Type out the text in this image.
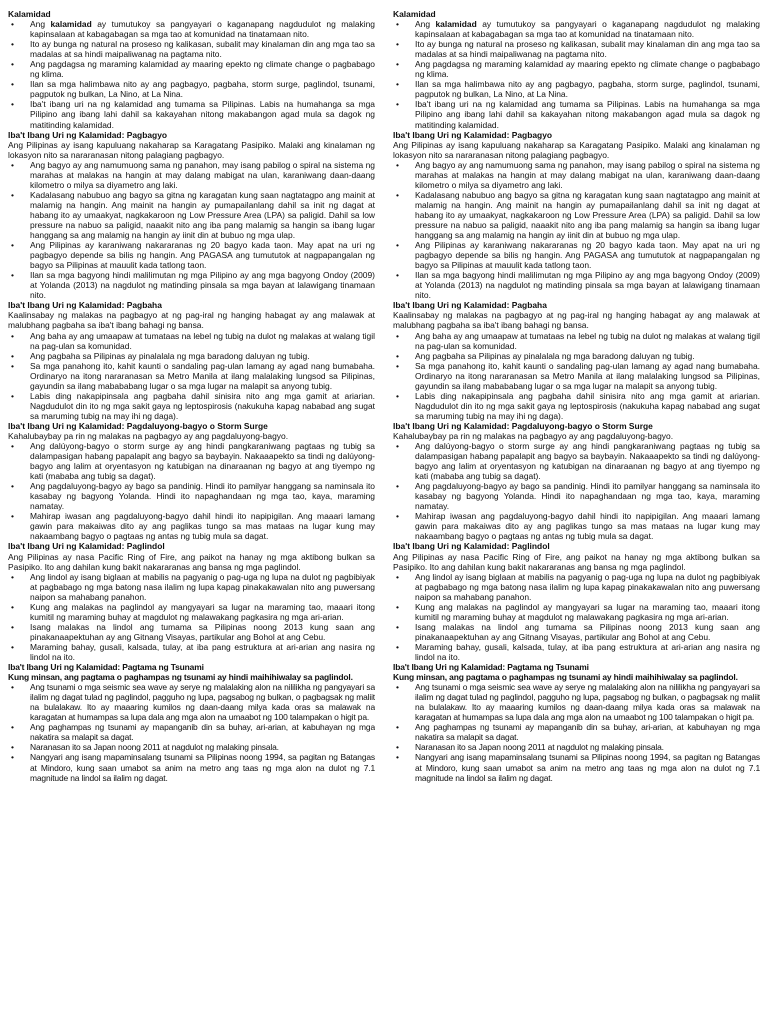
Kalamidad
• Ang kalamidad ay tumutukoy sa pangyayari o kaganapang nagdudulot ng malaking kapinsalaan at kabagabagan sa mga tao at komunidad na tinatamaan nito.
• Ito ay bunga ng natural na proseso ng kalikasan, subalit may kinalaman din ang mga tao sa madalas at sa hindi maipaliwanag na pagtama nito.
• Ang pagdagsa ng maraming kalamidad ay maaring epekto ng climate change o pagbabago ng klima.
• Ilan sa mga halimbawa nito ay ang pagbagyo, pagbaha, storm surge, paglindol, tsunami, pagputok ng bulkan, La Nino, at La Nina.
• Iba't ibang uri na ng kalamidad ang tumama sa Pilipinas. Labis na humahanga sa mga Pilipino ang ibang lahi dahil sa kakayahan nitong makabangon agad mula sa dagok ng matitinding kalamidad.
Iba't Ibang Uri ng Kalamidad: Pagbagyo
Ang Pilipinas ay isang kapuluang nakaharap sa Karagatang Pasipiko. Malaki ang kinalaman ng lokasyon nito sa nararanasan nitong palagiang pagbagyo.
• Ang bagyo ay ang namumuong sama ng panahon, may isang pabilog o spiral na sistema ng marahas at malakas na hangin at may dalang mabigat na ulan, karaniwang daan-daang kilometro o milya sa diyametro ang laki.
• Kadalasang nabubuo ang bagyo sa gitna ng karagatan kung saan nagtatagpo ang mainit at malamig na hangin. Ang mainit na hangin ay pumapailanlang dahil sa init ng dagat at habang ito ay umaakyat, nagkakaroon ng Low Pressure Area (LPA) sa paligid. Dahil sa low pressure na nabuo sa paligid, naaakit nito ang iba pang malamig sa hangin sa ibang lugar hanggang sa ang malamig na hangin ay iinit din at bubuo ng mga ulap.
• Ang Pilipinas ay karaniwang nakararanas ng 20 bagyo kada taon. May apat na uri ng pagbagyo depende sa bilis ng hangin. Ang PAGASA ang tumututok at nagpapangalan ng bagyo sa Pilipinas at mauulit kada tatlong taon.
• Ilan sa mga bagyong hindi malilimutan ng mga Pilipino ay ang mga bagyong Ondoy (2009) at Yolanda (2013) na nagdulot ng matinding pinsala sa mga bayan at lalawigang tinamaan nito.
Iba't Ibang Uri ng Kalamidad: Pagbaha
Kaalinsabay ng malakas na pagbagyo at ng pag-iral ng hanging habagat ay ang malawak at malubhang pagbaha sa iba't ibang bahagi ng bansa.
• Ang baha ay ang umaapaw at tumataas na lebel ng tubig na dulot ng malakas at walang tigil na pag-ulan sa komunidad.
• Ang pagbaha sa Pilipinas ay pinalalala ng mga baradong daluyan ng tubig.
• Sa mga panahong ito, kahit kaunti o sandaling pag-ulan lamang ay agad nang bumabaha. Ordinaryo na itong nararanasan sa Metro Manila at ilang malalaking lungsod sa Pilipinas, gayundin sa ilang mabababang lugar o sa mga lugar na malapit sa anyong tubig.
• Labis ding nakapipinsala ang pagbaha dahil sinisira nito ang mga gamit at ariarian. Nagdudulot din ito ng mga sakit gaya ng leptospirosis (nakukuha kapag nababad ang sugat sa maruming tubig na may ihi ng daga).
Iba't Ibang Uri ng Kalamidad: Pagdaluyong-bagyo o Storm Surge
Kahalubaybay pa rin ng malakas na pagbagyo ay ang pagdaluyong-bagyo.
• Ang dalúyong-bagyo o storm surge ay ang hindi pangkaraniwang pagtaas ng tubig sa dalampasigan habang papalapit ang bagyo sa baybayin. Nakaaapekto sa tindi ng dalúyong-bagyo ang lalim at oryentasyon ng katubigan na dinaraanan ng bagyo at ang tiyempo ng kati (mababa ang tubig sa dagat).
• Ang pagdaluyong-bagyo ay bago sa pandinig. Hindi ito pamilyar hanggang sa naminsala ito kasabay ng bagyong Yolanda. Hindi ito napaghandaan ng mga tao, kaya, maraming namatay.
• Mahirap iwasan ang pagdaluyong-bagyo dahil hindi ito napipigilan. Ang maaari lamang gawin para makaiwas dito ay ang paglikas tungo sa mas mataas na lugar kung may nakaambang bagyo o pagtaas ng antas ng tubig mula sa dagat.
Iba't Ibang Uri ng Kalamidad: Paglindol
Ang Pilipinas ay nasa Pacific Ring of Fire, ang paikot na hanay ng mga aktibong bulkan sa Pasipiko. Ito ang dahilan kung bakit nakararanas ang bansa ng mga paglindol.
• Ang lindol ay isang biglaan at mabilis na pagyanig o pag-uga ng lupa na dulot ng pagbibiyak at pagbabago ng mga batong nasa ilalim ng lupa kapag pinakakawalan nito ang puwersang naipon sa mahabang panahon.
• Kung ang malakas na paglindol ay mangyayari sa lugar na maraming tao, maaari itong kumitil ng maraming buhay at magdulot ng malawakang pagkasira ng mga ari-arian.
• Isang malakas na lindol ang tumama sa Pilipinas noong 2013 kung saan ang pinakanaapektuhan ay ang Gitnang Visayas, partikular ang Bohol at ang Cebu.
• Maraming bahay, gusali, kalsada, tulay, at iba pang estruktura at ari-arian ang nasira ng lindol na ito.
Iba't Ibang Uri ng Kalamidad: Pagtama ng Tsunami
Kung minsan, ang pagtama o paghampas ng tsunami ay hindi maihihiwalay sa paglindol.
• Ang tsunami o mga seismic sea wave ay serye ng malalaking alon na nililikha ng pangyayari sa ilalim ng dagat tulad ng paglindol, pagguho ng lupa, pagsabog ng bulkan, o pagbagsak ng maliit na bulalakaw. Ito ay maaaring kumilos ng daan-daang milya kada oras sa malawak na karagatan at humampas sa lupa dala ang mga alon na umaabot ng 100 talampakan o higit pa.
• Ang paghampas ng tsunami ay mapanganib din sa buhay, ari-arian, at kabuhayan ng mga nakatira sa malapit sa dagat.
• Naranasan ito sa Japan noong 2011 at nagdulot ng malaking pinsala.
• Nangyari ang isang mapaminsalang tsunami sa Pilipinas noong 1994, sa pagitan ng Batangas at Mindoro, kung saan umabot sa anim na metro ang taas ng mga alon na dulot ng 7.1 magnitude na lindol sa ilalim ng dagat.
Kalamidad
• Ang kalamidad ay tumutukoy sa pangyayari o kaganapang nagdudulot ng malaking kapinsalaan at kabagabagan sa mga tao at komunidad na tinatamaan nito.
• Ito ay bunga ng natural na proseso ng kalikasan, subalit may kinalaman din ang mga tao sa madalas at sa hindi maipaliwanag na pagtama nito.
• Ang pagdagsa ng maraming kalamidad ay maaring epekto ng climate change o pagbabago ng klima.
• Ilan sa mga halimbawa nito ay ang pagbagyo, pagbaha, storm surge, paglindol, tsunami, pagputok ng bulkan, La Nino, at La Nina.
• Iba't ibang uri na ng kalamidad ang tumama sa Pilipinas. Labis na humahanga sa mga Pilipino ang ibang lahi dahil sa kakayahan nitong makabangon agad mula sa dagok ng matitinding kalamidad.
Iba't Ibang Uri ng Kalamidad: Pagbagyo
Ang Pilipinas ay isang kapuluang nakaharap sa Karagatang Pasipiko. Malaki ang kinalaman ng lokasyon nito sa nararanasan nitong palagiang pagbagyo.
• Ang bagyo ay ang namumuong sama ng panahon, may isang pabilog o spiral na sistema ng marahas at malakas na hangin at may dalang mabigat na ulan, karaniwang daan-daang kilometro o milya sa diyametro ang laki.
• Kadalasang nabubuo ang bagyo sa gitna ng karagatan kung saan nagtatagpo ang mainit at malamig na hangin. Ang mainit na hangin ay pumapailanlang dahil sa init ng dagat at habang ito ay umaakyat, nagkakaroon ng Low Pressure Area (LPA) sa paligid. Dahil sa low pressure na nabuo sa paligid, naaakit nito ang iba pang malamig sa hangin sa ibang lugar hanggang sa ang malamig na hangin ay iinit din at bubuo ng mga ulap.
• Ang Pilipinas ay karaniwang nakararanas ng 20 bagyo kada taon. May apat na uri ng pagbagyo depende sa bilis ng hangin. Ang PAGASA ang tumututok at nagpapangalan ng bagyo sa Pilipinas at mauulit kada tatlong taon.
• Ilan sa mga bagyong hindi malilimutan ng mga Pilipino ay ang mga bagyong Ondoy (2009) at Yolanda (2013) na nagdulot ng matinding pinsala sa mga bayan at lalawigang tinamaan nito.
Iba't Ibang Uri ng Kalamidad: Pagbaha
Kaalinsabay ng malakas na pagbagyo at ng pag-iral ng hanging habagat ay ang malawak at malubhang pagbaha sa iba't ibang bahagi ng bansa.
• Ang baha ay ang umaapaw at tumataas na lebel ng tubig na dulot ng malakas at walang tigil na pag-ulan sa komunidad.
• Ang pagbaha sa Pilipinas ay pinalalala ng mga baradong daluyan ng tubig.
• Sa mga panahong ito, kahit kaunti o sandaling pag-ulan lamang ay agad nang bumabaha. Ordinaryo na itong nararanasan sa Metro Manila at ilang malalaking lungsod sa Pilipinas, gayundin sa ilang mabababang lugar o sa mga lugar na malapit sa anyong tubig.
• Labis ding nakapipinsala ang pagbaha dahil sinisira nito ang mga gamit at ariarian. Nagdudulot din ito ng mga sakit gaya ng leptospirosis (nakukuha kapag nababad ang sugat sa maruming tubig na may ihi ng daga).
Iba't Ibang Uri ng Kalamidad: Pagdaluyong-bagyo o Storm Surge
Kahalubaybay pa rin ng malakas na pagbagyo ay ang pagdaluyong-bagyo.
• Ang dalúyong-bagyo o storm surge ay ang hindi pangkaraniwang pagtaas ng tubig sa dalampasigan habang papalapit ang bagyo sa baybayin. Nakaaapekto sa tindi ng dalúyong-bagyo ang lalim at oryentasyon ng katubigan na dinaraanan ng bagyo at ang tiyempo ng kati (mababa ang tubig sa dagat).
• Ang pagdaluyong-bagyo ay bago sa pandinig. Hindi ito pamilyar hanggang sa naminsala ito kasabay ng bagyong Yolanda. Hindi ito napaghandaan ng mga tao, kaya, maraming namatay.
• Mahirap iwasan ang pagdaluyong-bagyo dahil hindi ito napipigilan. Ang maaari lamang gawin para makaiwas dito ay ang paglikas tungo sa mas mataas na lugar kung may nakaambang bagyo o pagtaas ng antas ng tubig mula sa dagat.
Iba't Ibang Uri ng Kalamidad: Paglindol
Ang Pilipinas ay nasa Pacific Ring of Fire, ang paikot na hanay ng mga aktibong bulkan sa Pasipiko. Ito ang dahilan kung bakit nakararanas ang bansa ng mga paglindol.
• Ang lindol ay isang biglaan at mabilis na pagyanig o pag-uga ng lupa na dulot ng pagbibiyak at pagbabago ng mga batong nasa ilalim ng lupa kapag pinakakawalan nito ang puwersang naipon sa mahabang panahon.
• Kung ang malakas na paglindol ay mangyayari sa lugar na maraming tao, maaari itong kumitil ng maraming buhay at magdulot ng malawakang pagkasira ng mga ari-arian.
• Isang malakas na lindol ang tumama sa Pilipinas noong 2013 kung saan ang pinakanaapektuhan ay ang Gitnang Visayas, partikular ang Bohol at ang Cebu.
• Maraming bahay, gusali, kalsada, tulay, at iba pang estruktura at ari-arian ang nasira ng lindol na ito.
Iba't Ibang Uri ng Kalamidad: Pagtama ng Tsunami
Kung minsan, ang pagtama o paghampas ng tsunami ay hindi maihihiwalay sa paglindol.
• Ang tsunami o mga seismic sea wave ay serye ng malalaking alon na nililikha ng pangyayari sa ilalim ng dagat tulad ng paglindol, pagguho ng lupa, pagsabog ng bulkan, o pagbagsak ng maliit na bulalakaw. Ito ay maaaring kumilos ng daan-daang milya kada oras sa malawak na karagatan at humampas sa lupa dala ang mga alon na umaabot ng 100 talampakan o higit pa.
• Ang paghampas ng tsunami ay mapanganib din sa buhay, ari-arian, at kabuhayan ng mga nakatira sa malapit sa dagat.
• Naranasan ito sa Japan noong 2011 at nagdulot ng malaking pinsala.
• Nangyari ang isang mapaminsalang tsunami sa Pilipinas noong 1994, sa pagitan ng Batangas at Mindoro, kung saan umabot sa anim na metro ang taas ng mga alon na dulot ng 7.1 magnitude na lindol sa ilalim ng dagat.
